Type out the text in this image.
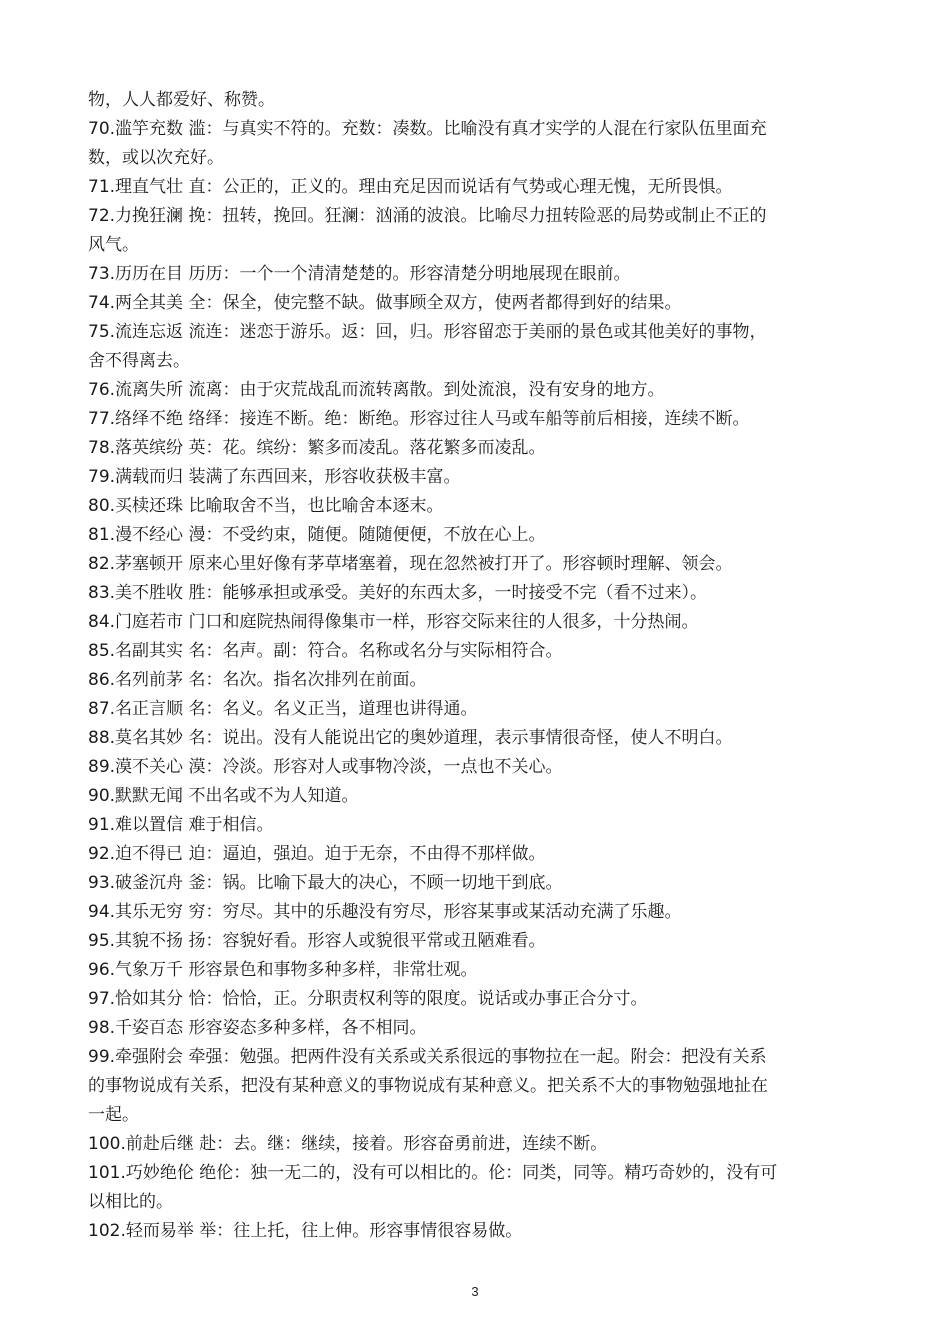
物，人人都爱好、称赞。
70.滥竽充数 滥：与真实不符的。充数：凑数。比喻没有真才实学的人混在行家队伍里面充
数，或以次充好。
71.理直气壮 直：公正的，正义的。理由充足因而说话有气势或心理无愧，无所畏惧。
72.力挽狂澜 挽：扭转，挽回。狂澜：汹涌的波浪。比喻尽力扭转险恶的局势或制止不正的
风气。
73.历历在目 历历：一个一个清清楚楚的。形容清楚分明地展现在眼前。
74.两全其美 全：保全，使完整不缺。做事顾全双方，使两者都得到好的结果。
75.流连忘返 流连：迷恋于游乐。返：回，归。形容留恋于美丽的景色或其他美好的事物，
舍不得离去。
76.流离失所 流离：由于灾荒战乱而流转离散。到处流浪，没有安身的地方。
77.络绎不绝 络绎：接连不断。绝：断绝。形容过往人马或车船等前后相接，连续不断。
78.落英缤纷 英：花。缤纷：繁多而凌乱。落花繁多而凌乱。
79.满载而归 装满了东西回来，形容收获极丰富。
80.买椟还珠 比喻取舍不当，也比喻舍本逐末。
81.漫不经心 漫：不受约束，随便。随随便便，不放在心上。
82.茅塞顿开 原来心里好像有茅草堵塞着，现在忽然被打开了。形容顿时理解、领会。
83.美不胜收 胜：能够承担或承受。美好的东西太多，一时接受不完（看不过来）。
84.门庭若市 门口和庭院热闹得像集市一样，形容交际来往的人很多，十分热闹。
85.名副其实 名：名声。副：符合。名称或名分与实际相符合。
86.名列前茅 名：名次。指名次排列在前面。
87.名正言顺 名：名义。名义正当，道理也讲得通。
88.莫名其妙 名：说出。没有人能说出它的奥妙道理，表示事情很奇怪，使人不明白。
89.漠不关心 漠：冷淡。形容对人或事物冷淡，一点也不关心。
90.默默无闻 不出名或不为人知道。
91.难以置信 难于相信。
92.迫不得已 迫：逼迫，强迫。迫于无奈，不由得不那样做。
93.破釜沉舟 釜：锅。比喻下最大的决心，不顾一切地干到底。
94.其乐无穷 穷：穷尽。其中的乐趣没有穷尽，形容某事或某活动充满了乐趣。
95.其貌不扬 扬：容貌好看。形容人或貌很平常或丑陋难看。
96.气象万千 形容景色和事物多种多样，非常壮观。
97.恰如其分 恰：恰恰，正。分职责权利等的限度。说话或办事正合分寸。
98.千姿百态 形容姿态多种多样，各不相同。
99.牵强附会 牵强：勉强。把两件没有关系或关系很远的事物拉在一起。附会：把没有关系
的事物说成有关系，把没有某种意义的事物说成有某种意义。把关系不大的事物勉强地扯在
一起。
100.前赴后继 赴：去。继：继续，接着。形容奋勇前进，连续不断。
101.巧妙绝伦 绝伦：独一无二的，没有可以相比的。伦：同类，同等。精巧奇妙的，没有可
以相比的。
102.轻而易举 举：往上托，往上伸。形容事情很容易做。
3
